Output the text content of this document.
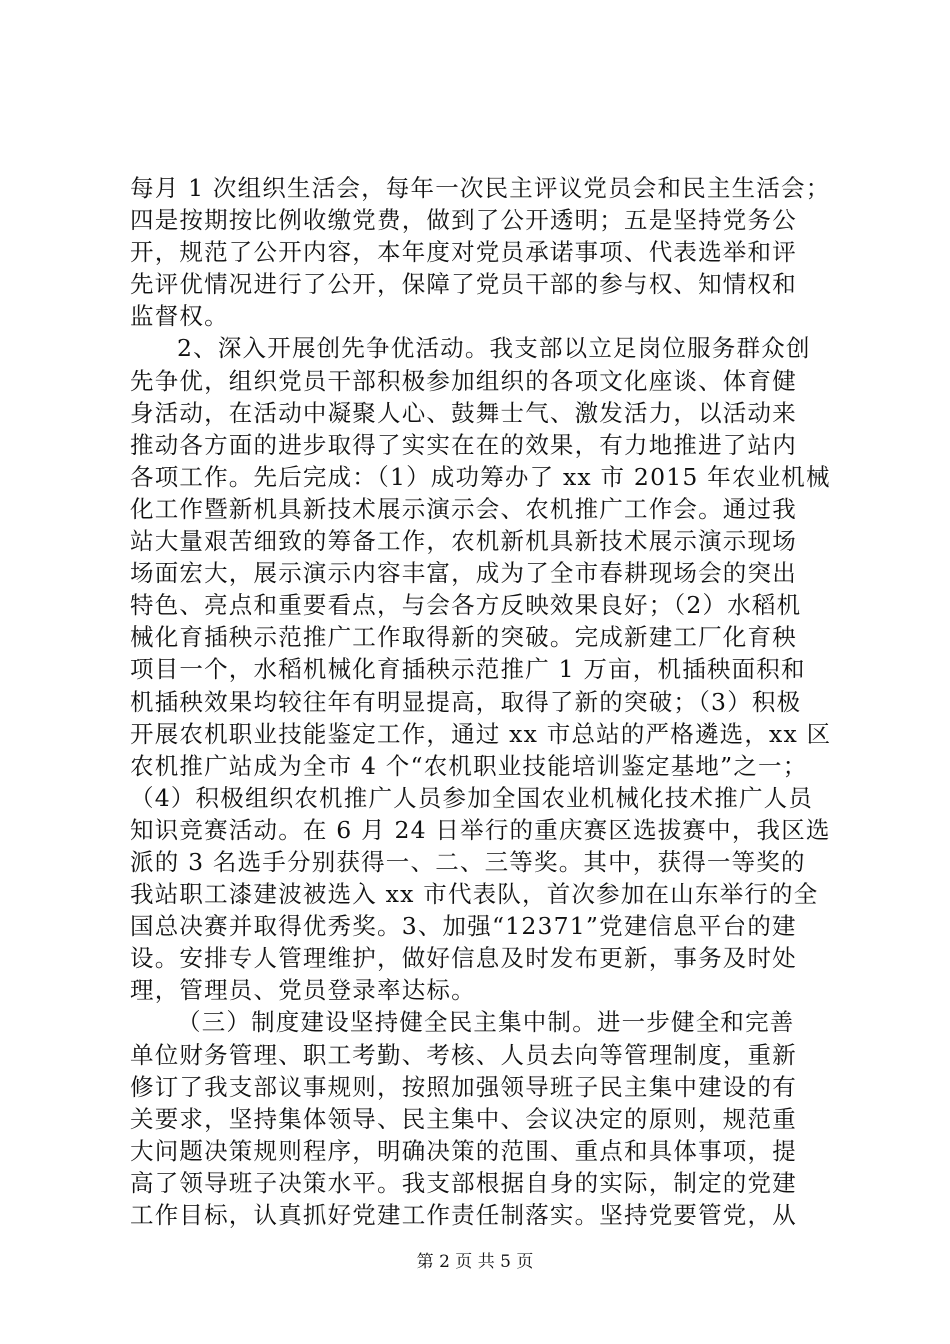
每月 1 次组织生活会，每年一次民主评议党员会和民主生活会；
四是按期按比例收缴党费，做到了公开透明；五是坚持党务公
开，规范了公开内容，本年度对党员承诺事项、代表选举和评
先评优情况进行了公开，保障了党员干部的参与权、知情权和
监督权。
2、深入开展创先争优活动。我支部以立足岗位服务群众创
先争优，组织党员干部积极参加组织的各项文化座谈、体育健
身活动，在活动中凝聚人心、鼓舞士气、激发活力，以活动来
推动各方面的进步取得了实实在在的效果，有力地推进了站内
各项工作。先后完成：（1）成功筹办了 xx 市 2015 年农业机械
化工作暨新机具新技术展示演示会、农机推广工作会。通过我
站大量艰苦细致的筹备工作，农机新机具新技术展示演示现场
场面宏大，展示演示内容丰富，成为了全市春耕现场会的突出
特色、亮点和重要看点，与会各方反映效果良好；（2）水稻机
械化育插秧示范推广工作取得新的突破。完成新建工厂化育秧
项目一个，水稻机械化育插秧示范推广 1 万亩，机插秧面积和
机插秧效果均较往年有明显提高，取得了新的突破；（3）积极
开展农机职业技能鉴定工作，通过 xx 市总站的严格遴选，xx 区
农机推广站成为全市 4 个“农机职业技能培训鉴定基地”之一；
（4）积极组织农机推广人员参加全国农业机械化技术推广人员
知识竞赛活动。在 6 月 24 日举行的重庆赛区选拔赛中，我区选
派的 3 名选手分别获得一、二、三等奖。其中，获得一等奖的
我站职工漆建波被选入 xx 市代表队，首次参加在山东举行的全
国总决赛并取得优秀奖。3、加强“12371”党建信息平台的建
设。安排专人管理维护，做好信息及时发布更新，事务及时处
理，管理员、党员登录率达标。
（三）制度建设坚持健全民主集中制。进一步健全和完善
单位财务管理、职工考勤、考核、人员去向等管理制度，重新
修订了我支部议事规则，按照加强领导班子民主集中建设的有
关要求，坚持集体领导、民主集中、会议决定的原则，规范重
大问题决策规则程序，明确决策的范围、重点和具体事项，提
高了领导班子决策水平。我支部根据自身的实际，制定的党建
工作目标，认真抓好党建工作责任制落实。坚持党要管党，从
第 2 页 共 5 页
